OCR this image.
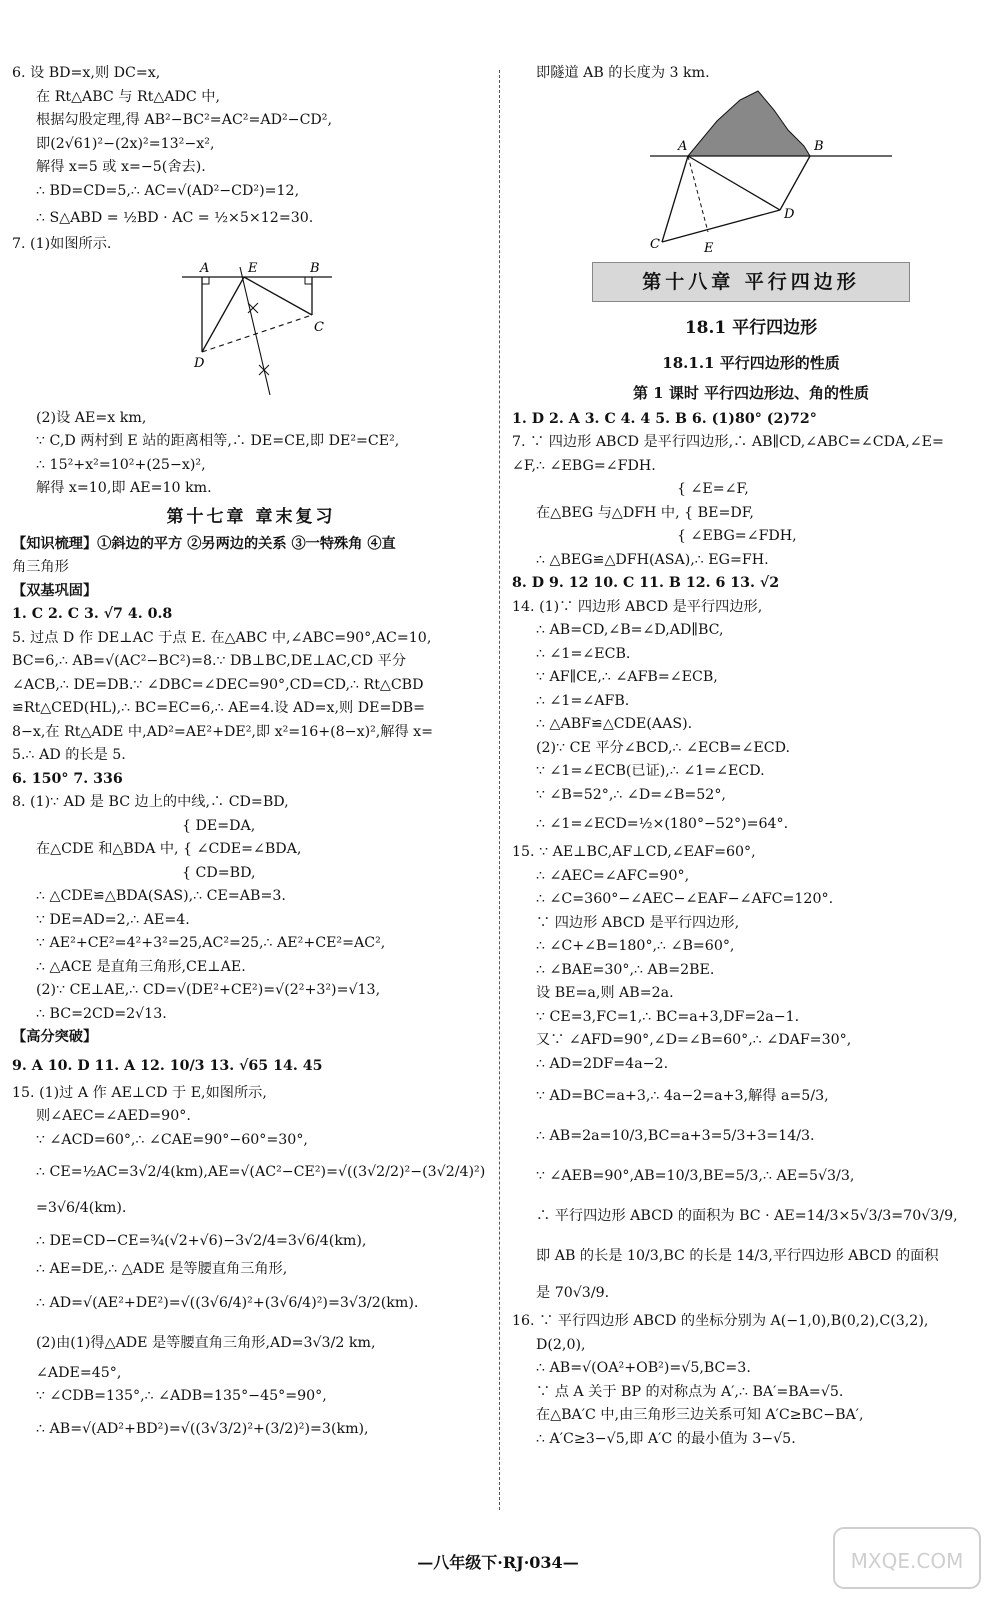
6. 设 BD=x,则 DC=x,
在 Rt△ABC 与 Rt△ADC 中,
根据勾股定理,得 AB²−BC²=AC²=AD²−CD²,
即(2√61)²−(2x)²=13²−x²,
解得 x=5 或 x=−5(舍去).
∴ BD=CD=5,∴ AC=√(AD²−CD²)=12,
∴ S△ABD = ½BD · AC = ½×5×12=30.
7. (1)如图所示.
A	E	B
C
D
(2)设 AE=x km,
∵ C,D 两村到 E 站的距离相等,∴ DE=CE,即 DE²=CE²,
∴ 15²+x²=10²+(25−x)²,
解得 x=10,即 AE=10 km.
第十七章 章末复习
【知识梳理】①斜边的平方 ②另两边的关系 ③一特殊角 ④直
角三角形
【双基巩固】
1. C 2. C 3. √7 4. 0.8
5. 过点 D 作 DE⊥AC 于点 E. 在△ABC 中,∠ABC=90°,AC=10,
BC=6,∴ AB=√(AC²−BC²)=8.∵ DB⊥BC,DE⊥AC,CD 平分
∠ACB,∴ DE=DB.∵ ∠DBC=∠DEC=90°,CD=CD,∴ Rt△CBD
≌Rt△CED(HL),∴ BC=EC=6,∴ AE=4.设 AD=x,则 DE=DB=
8−x,在 Rt△ADE 中,AD²=AE²+DE²,即 x²=16+(8−x)²,解得 x=
5.∴ AD 的长是 5.
6. 150° 7. 336
8. (1)∵ AD 是 BC 边上的中线,∴ CD=BD,
{ DE=DA,
在△CDE 和△BDA 中, { ∠CDE=∠BDA,
{ CD=BD,
∴ △CDE≌△BDA(SAS),∴ CE=AB=3.
∵ DE=AD=2,∴ AE=4.
∵ AE²+CE²=4²+3²=25,AC²=25,∴ AE²+CE²=AC²,
∴ △ACE 是直角三角形,CE⊥AE.
(2)∵ CE⊥AE,∴ CD=√(DE²+CE²)=√(2²+3²)=√13,
∴ BC=2CD=2√13.
【高分突破】
9. A 10. D 11. A 12. 10/3 13. √65 14. 45
15. (1)过 A 作 AE⊥CD 于 E,如图所示,
则∠AEC=∠AED=90°.
∵ ∠ACD=60°,∴ ∠CAE=90°−60°=30°,
∴ CE=½AC=3√2/4(km),AE=√(AC²−CE²)=√((3√2/2)²−(3√2/4)²)
=3√6/4(km).
∴ DE=CD−CE=¾(√2+√6)−3√2/4=3√6/4(km),
∴ AE=DE,∴ △ADE 是等腰直角三角形,
∴ AD=√(AE²+DE²)=√((3√6/4)²+(3√6/4)²)=3√3/2(km).
(2)由(1)得△ADE 是等腰直角三角形,AD=3√3/2 km,
∠ADE=45°,
∵ ∠CDB=135°,∴ ∠ADB=135°−45°=90°,
∴ AB=√(AD²+BD²)=√((3√3/2)²+(3/2)²)=3(km),
即隧道 AB 的长度为 3 km.
A	B
C
D
E
第十八章 平行四边形
18.1 平行四边形
18.1.1 平行四边形的性质
第 1 课时 平行四边形边、角的性质
1. D 2. A 3. C 4. 4 5. B 6. (1)80° (2)72°
7. ∵ 四边形 ABCD 是平行四边形,∴ AB∥CD,∠ABC=∠CDA,∠E=
∠F,∴ ∠EBG=∠FDH.
{ ∠E=∠F,
在△BEG 与△DFH 中, { BE=DF,
{ ∠EBG=∠FDH,
∴ △BEG≌△DFH(ASA),∴ EG=FH.
8. D 9. 12 10. C 11. B 12. 6 13. √2
14. (1)∵ 四边形 ABCD 是平行四边形,
∴ AB=CD,∠B=∠D,AD∥BC,
∴ ∠1=∠ECB.
∵ AF∥CE,∴ ∠AFB=∠ECB,
∴ ∠1=∠AFB.
∴ △ABF≌△CDE(AAS).
(2)∵ CE 平分∠BCD,∴ ∠ECB=∠ECD.
∵ ∠1=∠ECB(已证),∴ ∠1=∠ECD.
∵ ∠B=52°,∴ ∠D=∠B=52°,
∴ ∠1=∠ECD=½×(180°−52°)=64°.
15. ∵ AE⊥BC,AF⊥CD,∠EAF=60°,
∴ ∠AEC=∠AFC=90°,
∴ ∠C=360°−∠AEC−∠EAF−∠AFC=120°.
∵ 四边形 ABCD 是平行四边形,
∴ ∠C+∠B=180°,∴ ∠B=60°,
∴ ∠BAE=30°,∴ AB=2BE.
设 BE=a,则 AB=2a.
∵ CE=3,FC=1,∴ BC=a+3,DF=2a−1.
又∵ ∠AFD=90°,∠D=∠B=60°,∴ ∠DAF=30°,
∴ AD=2DF=4a−2.
∵ AD=BC=a+3,∴ 4a−2=a+3,解得 a=5/3,
∴ AB=2a=10/3,BC=a+3=5/3+3=14/3.
∵ ∠AEB=90°,AB=10/3,BE=5/3,∴ AE=5√3/3,
∴ 平行四边形 ABCD 的面积为 BC · AE=14/3×5√3/3=70√3/9,
即 AB 的长是 10/3,BC 的长是 14/3,平行四边形 ABCD 的面积
是 70√3/9.
16. ∵ 平行四边形 ABCD 的坐标分别为 A(−1,0),B(0,2),C(3,2),
D(2,0),
∴ AB=√(OA²+OB²)=√5,BC=3.
∵ 点 A 关于 BP 的对称点为 A′,∴ BA′=BA=√5.
在△BA′C 中,由三角形三边关系可知 A′C≥BC−BA′,
∴ A′C≥3−√5,即 A′C 的最小值为 3−√5.
—八年级下·RJ·034—	MXQE.COM
